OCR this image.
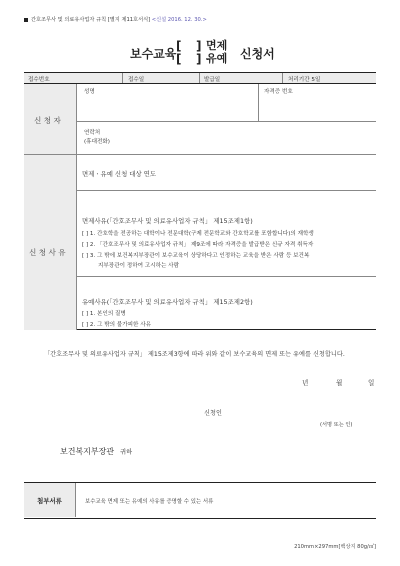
간호조무사 및 의료유사업자 규칙 [별지 제11호서식] <신설 2016. 12. 30.>
보수교육
[ ]
[ ]
면제
유예 신청서
접수번호	접수일	발급일	처리기간 5일
신 청 자
성명	자격증 번호
연락처
(휴대전화)
신 청 사 유
면제ㆍ유예 신청 대상 연도
면제사유(「간호조무사 및 의료유사업자 규칙」 제15조제1항)
[ ] 1. 간호학을 전공하는 대학이나 전문대학(구제 전문학교와 간호학교를 포함합니다)의 재학생
[ ] 2. 「간호조무사 및 의료유사업자 규칙」 제9조에 따라 자격증을 발급받은 신규 자격 취득자
[ ] 3. 그 밖에 보건복지부장관이 보수교육이 상당하다고 인정하는 교육을 받은 사람 등 보건복
지부장관이 정하여 고시하는 사람
유예사유(「간호조무사 및 의료유사업자 규칙」 제15조제2항)
[ ] 1. 본인의 질병
[ ] 2. 그 밖의 불가피한 사유
「간호조무사 및 의료유사업자 규칙」 제15조제3항에 따라 위와 같이 보수교육의 면제 또는 유예를 신청합니다.
년	월	일
신청인
(서명 또는 인)
보건복지부장관 귀하
첨부서류	보수교육 면제 또는 유예의 사유를 증명할 수 있는 서류
210mm×297mm[백상지 80g/㎡]
